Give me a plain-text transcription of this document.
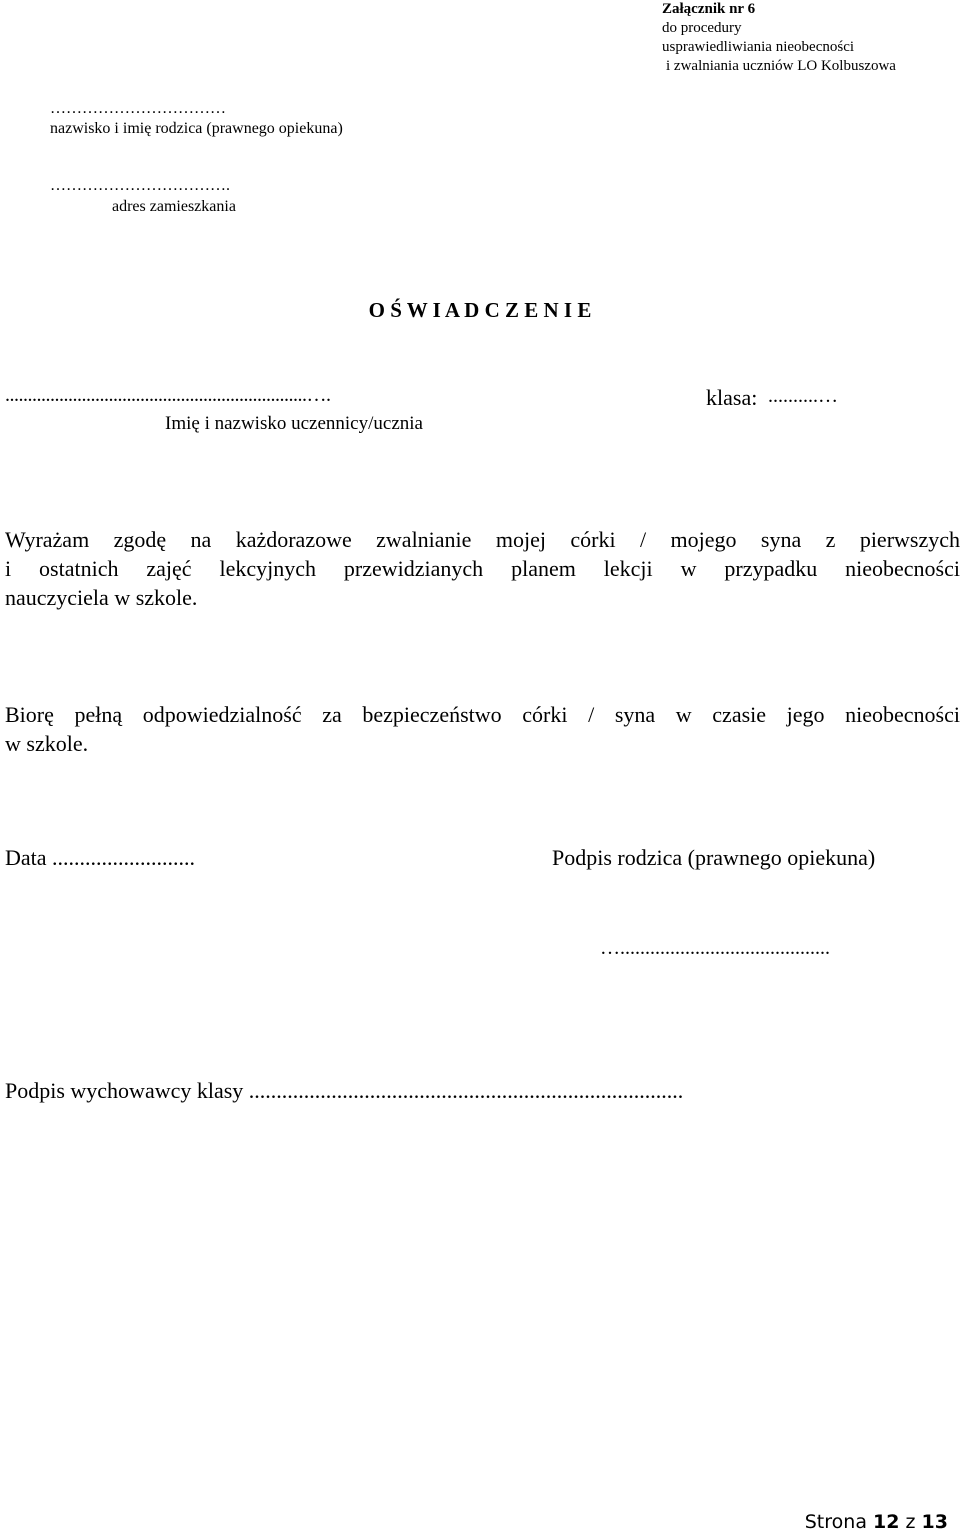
Załącznik nr 6
do procedury
usprawiedliwiania nieobecności
i zwalniania uczniów LO Kolbuszowa
……………………………
nazwisko i imię rodzica (prawnego opiekuna)
…………………………….
adres zamieszkania
O Ś W I A D C Z E N I E
...................................................................….
Imię i nazwisko uczennicy/ucznia
klasa: ..........…
Wyrażam zgodę na każdorazowe zwalnianie mojej córki / mojego syna z pierwszych
i ostatnich zajęć lekcyjnych przewidzianych planem lekcji w przypadku nieobecności
nauczyciela w szkole.
Biorę pełną odpowiedzialność za bezpieczeństwo córki / syna w czasie jego nieobecności
w szkole.
Data ..........................	Podpis rodzica (prawnego opiekuna)
…..........................................
Podpis wychowawcy klasy ...............................................................................
Strona 12 z 13
